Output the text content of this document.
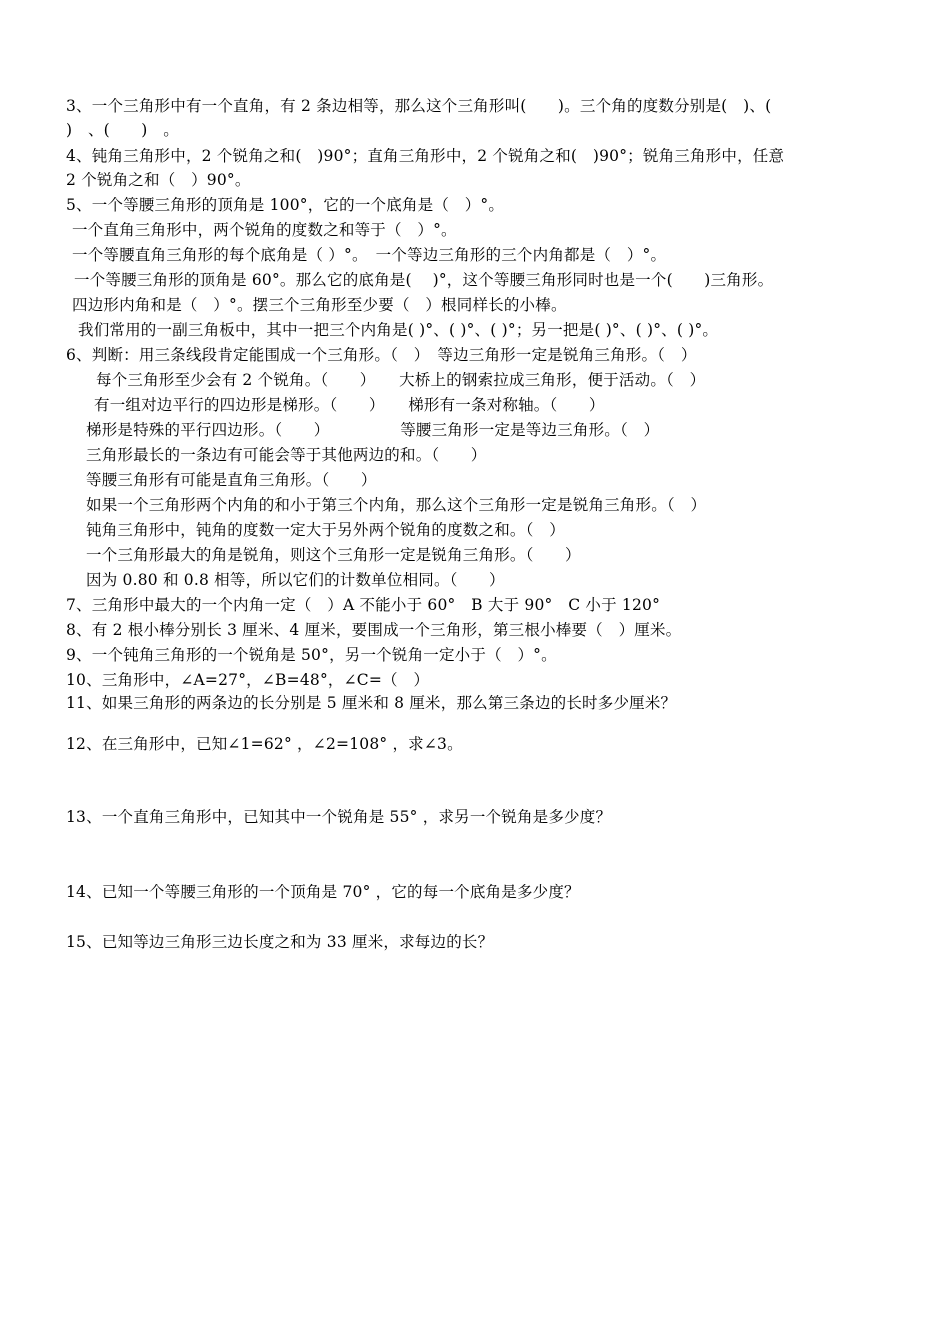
3、一个三角形中有一个直角，有 2 条边相等，那么这个三角形叫(　　)。三个角的度数分别是(　)、(
)　、(　　)　。
4、钝角三角形中，2 个锐角之和(　)90°；直角三角形中，2 个锐角之和(　)90°；锐角三角形中，任意
2 个锐角之和（　）90°。
5、一个等腰三角形的顶角是 100°，它的一个底角是（　）°。
一个直角三角形中，两个锐角的度数之和等于（　）°。
一个等腰直角三角形的每个底角是（ ）°。　一个等边三角形的三个内角都是（　）°。
一个等腰三角形的顶角是 60°。那么它的底角是(　 )°，这个等腰三角形同时也是一个(　　)三角形。
四边形内角和是（　）°。摆三个三角形至少要（　）根同样长的小棒。
我们常用的一副三角板中，其中一把三个内角是( )°、( )°、( )°；另一把是( )°、( )°、( )°。
6、判断：用三条线段肯定能围成一个三角形。（　）　等边三角形一定是锐角三角形。（　）
每个三角形至少会有 2 个锐角。（　　）　　大桥上的钢索拉成三角形，便于活动。（　）
有一组对边平行的四边形是梯形。（　　）　　梯形有一条对称轴。（　　）
梯形是特殊的平行四边形。（　　）　　　　　等腰三角形一定是等边三角形。（　）
三角形最长的一条边有可能会等于其他两边的和。（　　）
等腰三角形有可能是直角三角形。（　　）
如果一个三角形两个内角的和小于第三个内角，那么这个三角形一定是锐角三角形。（　）
钝角三角形中，钝角的度数一定大于另外两个锐角的度数之和。（　）
一个三角形最大的角是锐角，则这个三角形一定是锐角三角形。（　　）
因为 0.80 和 0.8 相等，所以它们的计数单位相同。（　　）
7、三角形中最大的一个内角一定（　）A 不能小于 60°　B 大于 90°　C 小于 120°
8、有 2 根小棒分别长 3 厘米、4 厘米，要围成一个三角形，第三根小棒要（　）厘米。
9、一个钝角三角形的一个锐角是 50°，另一个锐角一定小于（　）°。
10、三角形中，∠A=27°，∠B=48°，∠C=（　）
11、如果三角形的两条边的长分别是 5 厘米和 8 厘米，那么第三条边的长时多少厘米？
12、在三角形中，已知∠1=62° ，∠2=108° ，求∠3。
13、一个直角三角形中，已知其中一个锐角是 55° ，求另一个锐角是多少度？
14、已知一个等腰三角形的一个顶角是 70° ，它的每一个底角是多少度？
15、已知等边三角形三边长度之和为 33 厘米，求每边的长？
